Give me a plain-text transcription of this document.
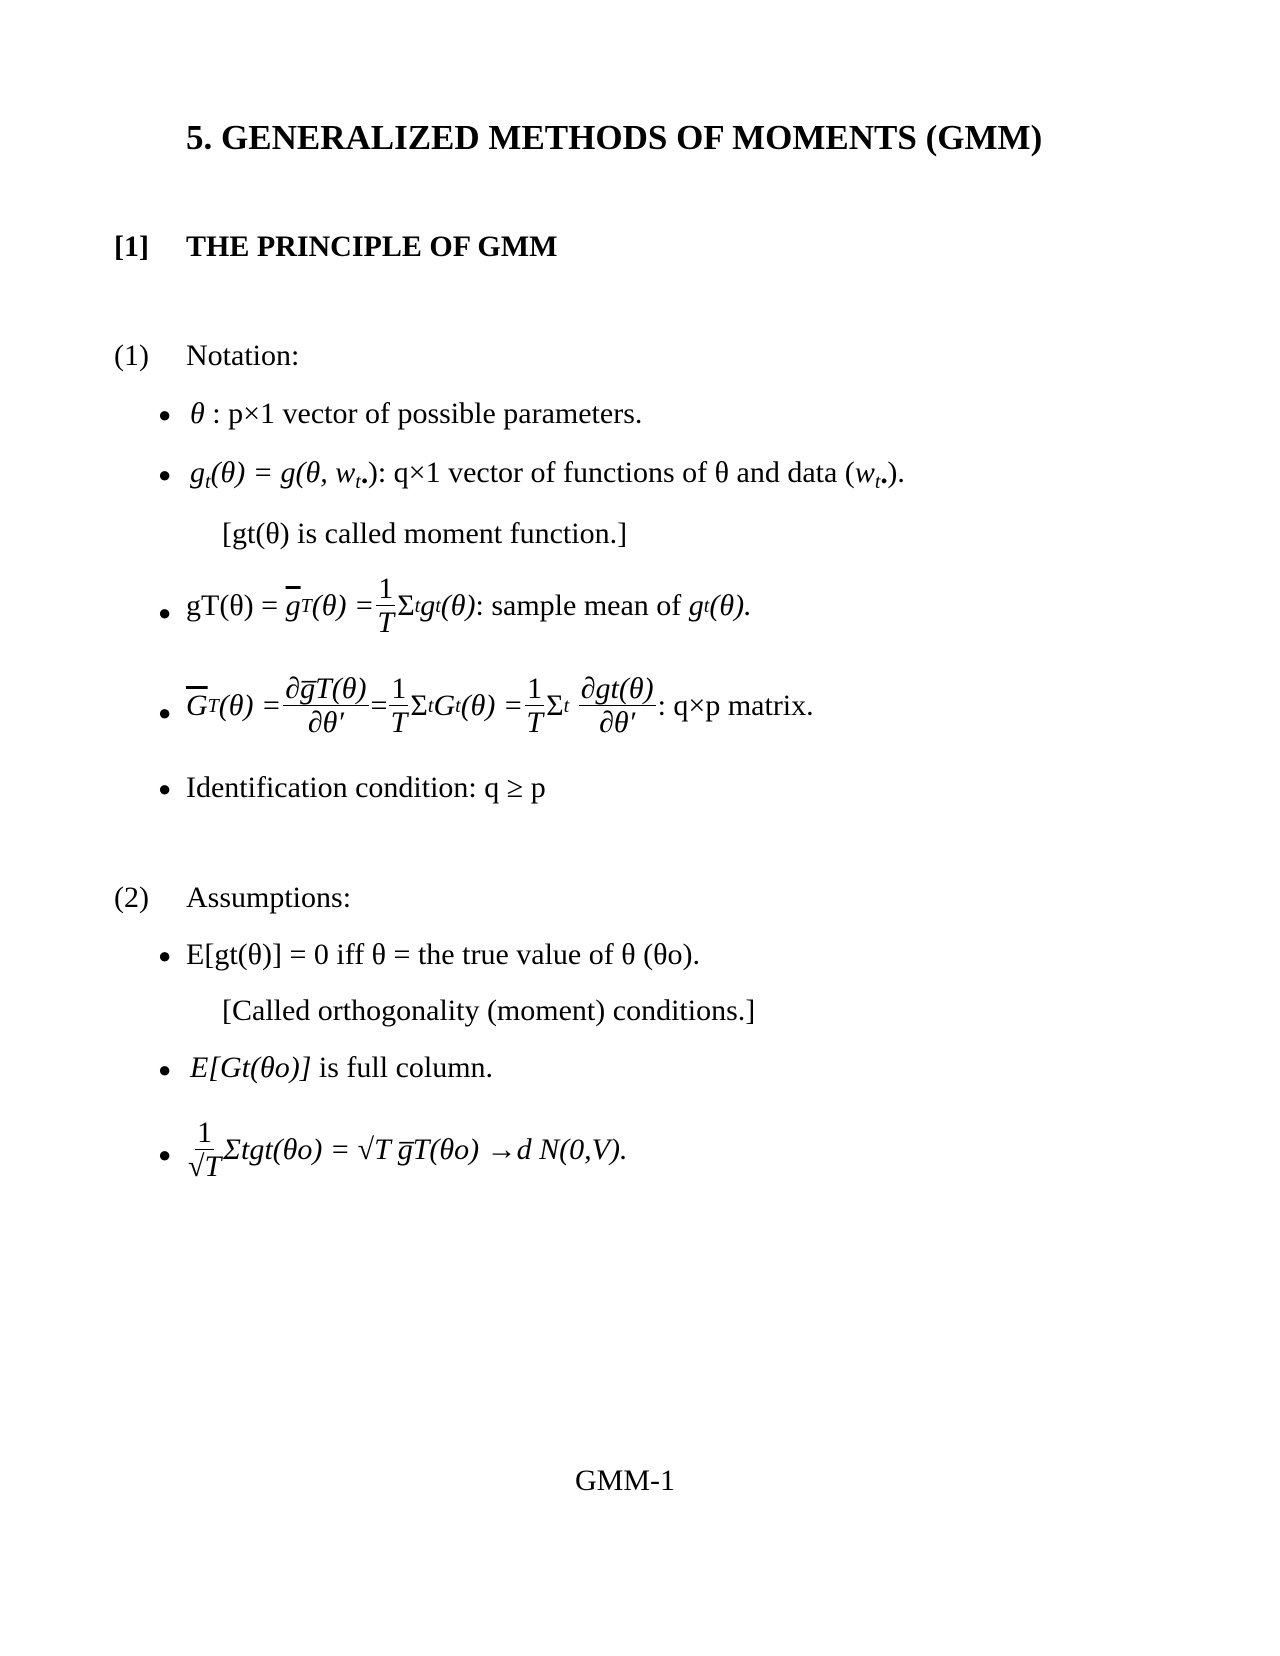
5. GENERALIZED METHODS OF MOMENTS (GMM)
[1] THE PRINCIPLE OF GMM
(1) Notation:
● θ : p×1 vector of possible parameters.
● $g_t(\theta) = g(\theta$, $w_{t•}$): q×1 vector of functions of θ and data $(w_{t•})$.
[gt(θ) is called moment function.]
● gT(θ) =
$\overline{g}$ T $(\theta) = \frac{1}{T}$ Σ t g t (θ) : sample mean of
g t (θ).
● $\overline{G}$ T $(\theta) = \frac{\partial g̅T(\theta)}{\partial\theta'} = \frac{1}{T}$ Σ t G t $(\theta) = \frac{1}{T}$ Σ t
$\frac{\partial gt(\theta)}{\partial\theta'}$ : q×p matrix.
● Identification condition: q ≥ p
(2) Assumptions:
● E[gt(θ)] = 0 iff θ = the true value of θ (θo).
[Called orthogonality (moment) conditions.]
● E[Gt(θo)] is full column.
● $\frac{1}{√T} \Sigma tgt(\theta o) = √T$ g̅T(θo) →d N(0,V).
GMM-1
